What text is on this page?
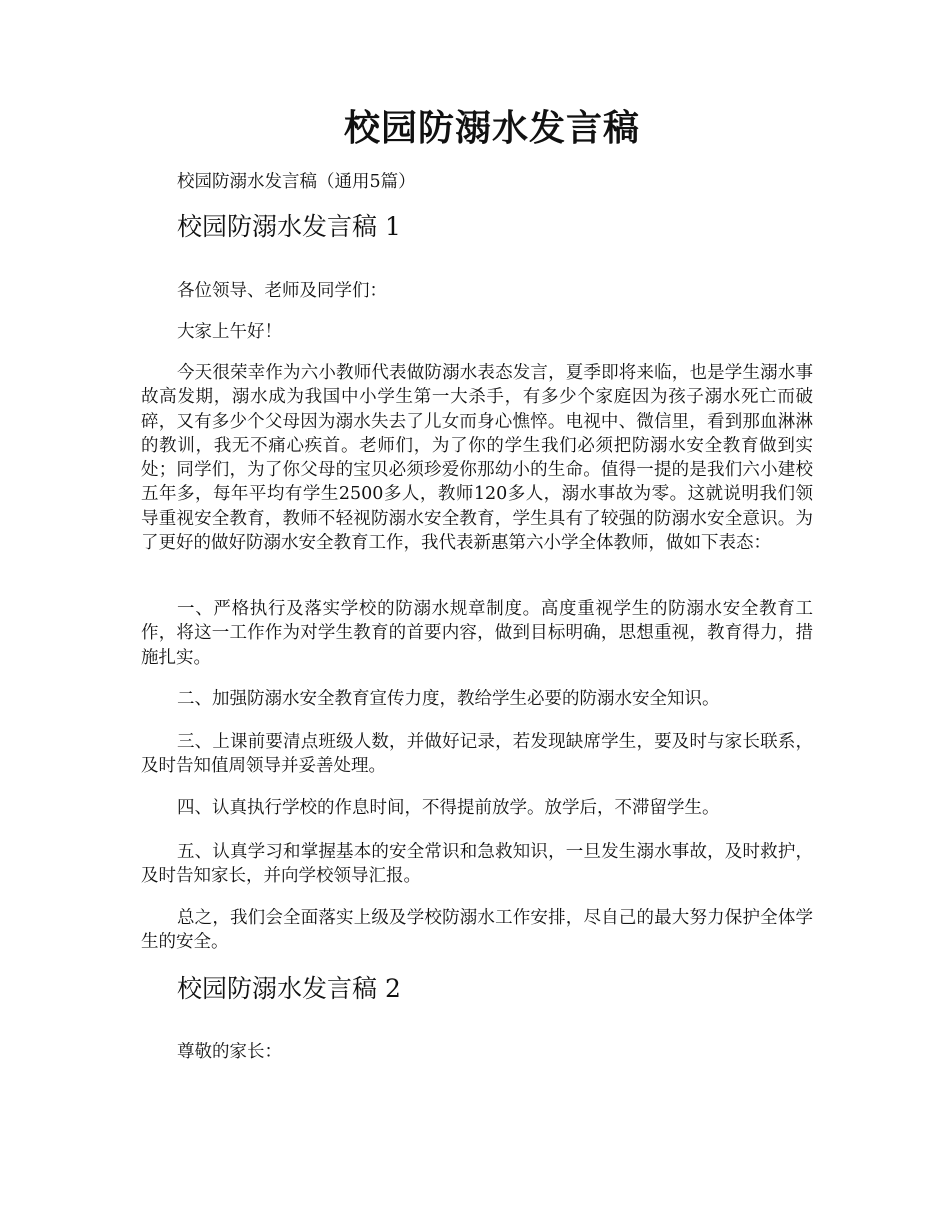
校园防溺水发言稿

校园防溺水发言稿（通用5篇）

校园防溺水发言稿 1

各位领导、老师及同学们：

大家上午好！

今天很荣幸作为六小教师代表做防溺水表态发言，夏季即将来临，也是学生溺水事故高发期，溺水成为我国中小学生第一大杀手，有多少个家庭因为孩子溺水死亡而破碎，又有多少个父母因为溺水失去了儿女而身心憔悴。电视中、微信里，看到那血淋淋的教训，我无不痛心疾首。老师们，为了你的学生我们必须把防溺水安全教育做到实处；同学们，为了你父母的宝贝必须珍爱你那幼小的生命。值得一提的是我们六小建校五年多，每年平均有学生2500多人，教师120多人，溺水事故为零。这就说明我们领导重视安全教育，教师不轻视防溺水安全教育，学生具有了较强的防溺水安全意识。为了更好的做好防溺水安全教育工作，我代表新惠第六小学全体教师，做如下表态：

一、严格执行及落实学校的防溺水规章制度。高度重视学生的防溺水安全教育工作，将这一工作作为对学生教育的首要内容，做到目标明确，思想重视，教育得力，措施扎实。

二、加强防溺水安全教育宣传力度，教给学生必要的防溺水安全知识。

三、上课前要清点班级人数，并做好记录，若发现缺席学生，要及时与家长联系，及时告知值周领导并妥善处理。

四、认真执行学校的作息时间，不得提前放学。放学后，不滞留学生。

五、认真学习和掌握基本的安全常识和急救知识，一旦发生溺水事故，及时救护，及时告知家长，并向学校领导汇报。

总之，我们会全面落实上级及学校防溺水工作安排，尽自己的最大努力保护全体学生的安全。

校园防溺水发言稿 2

尊敬的家长：
